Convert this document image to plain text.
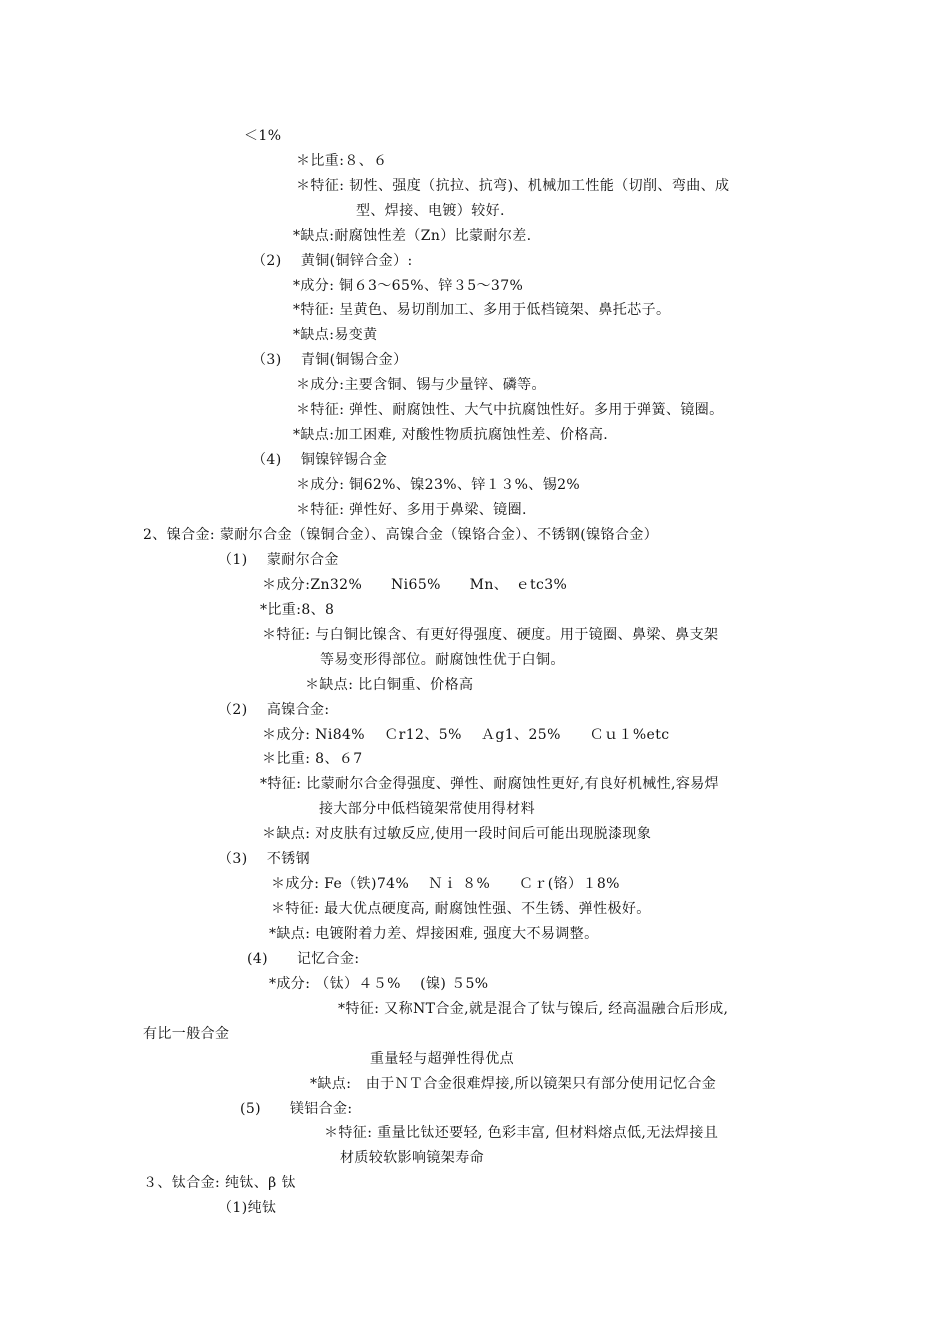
＜1%
＊比重:８、６
＊特征: 韧性、强度（抗拉、抗弯)、机械加工性能（切削、弯曲、成
型、焊接、电镀）较好.
*缺点:耐腐蚀性差（Zn）比蒙耐尔差.
（2)　 黄铜(铜锌合金）:
*成分: 铜６3～65%、锌３5～37%
*特征: 呈黄色、易切削加工、多用于低档镜架、鼻托芯子。
*缺点:易变黄
（3)　 青铜(铜锡合金）
＊成分:主要含铜、锡与少量锌、磷等。
＊特征: 弹性、耐腐蚀性、大气中抗腐蚀性好。多用于弹簧、镜圈。
*缺点:加工困难, 对酸性物质抗腐蚀性差、价格高.
（4)　 铜镍锌锡合金
＊成分: 铜62%、镍23%、锌１３%、锡2%
＊特征: 弹性好、多用于鼻梁、镜圈.
2、镍合金: 蒙耐尔合金（镍铜合金）、高镍合金（镍铬合金）、不锈钢(镍铬合金）
（1)　 蒙耐尔合金
＊成分:Zn32%　　Ni65%　　Mn、　ｅtc3%
*比重:8、8
＊特征: 与白铜比镍含、有更好得强度、硬度。用于镜圈、鼻梁、鼻支架
等易变形得部位。耐腐蚀性优于白铜。
＊缺点: 比白铜重、价格高
（2)　 高镍合金:
＊成分: Ni84%　 Ｃr12、5%　 Ａg1、25%　　Ｃｕ１%etc
＊比重: 8、６7
*特征: 比蒙耐尔合金得强度、弹性、耐腐蚀性更好,有良好机械性,容易焊
接大部分中低档镜架常使用得材料
＊缺点: 对皮肤有过敏反应,使用一段时间后可能出现脱漆现象
（3)　 不锈钢
＊成分: Fe（铁)74%　 Ｎｉ ８%　　Ｃｒ(铬）１8%
＊特征: 最大优点硬度高, 耐腐蚀性强、不生锈、弹性极好。
*缺点: 电镀附着力差、焊接困难, 强度大不易调整。
(4)　　记忆合金:
*成分: （钛）４５%　 (镍) ５5%
*特征: 又称NT合金,就是混合了钛与镍后, 经高温融合后形成,
有比一般合金
重量轻与超弹性得优点
*缺点:　由于ＮＴ合金很难焊接,所以镜架只有部分使用记忆合金
(5)　　镁铝合金:
＊特征: 重量比钛还要轻, 色彩丰富, 但材料熔点低,无法焊接且
材质较软影响镜架寿命
３、钛合金: 纯钛、β 钛
（1)纯钛
